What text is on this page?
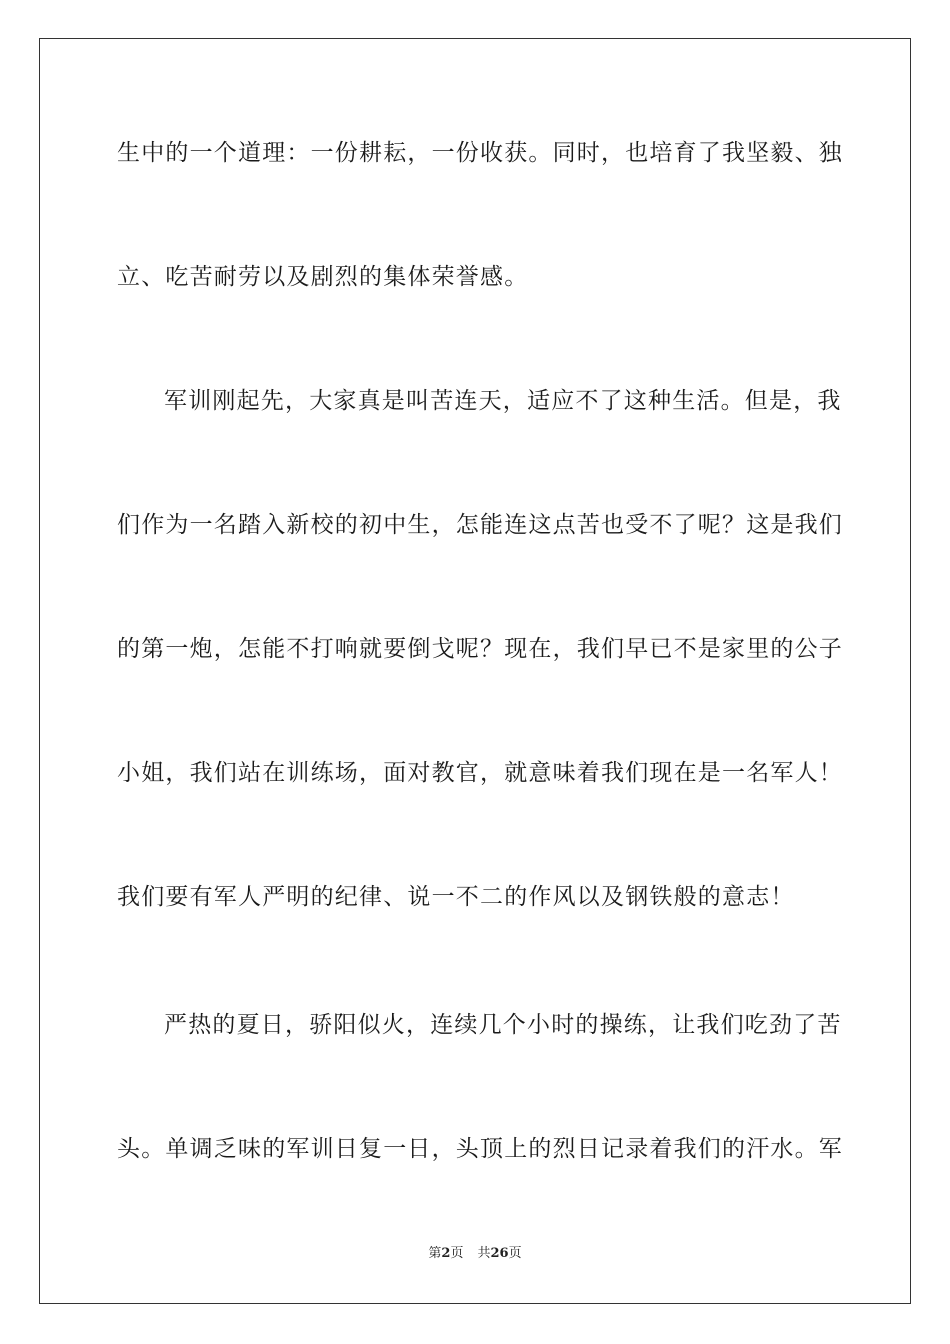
生中的一个道理：一份耕耘，一份收获。同时，也培育了我坚毅、独
立、吃苦耐劳以及剧烈的集体荣誉感。
军训刚起先，大家真是叫苦连天，适应不了这种生活。但是，我
们作为一名踏入新校的初中生，怎能连这点苦也受不了呢？这是我们
的第一炮，怎能不打响就要倒戈呢？现在，我们早已不是家里的公子
小姐，我们站在训练场，面对教官，就意味着我们现在是一名军人！
我们要有军人严明的纪律、说一不二的作风以及钢铁般的意志！
严热的夏日，骄阳似火，连续几个小时的操练，让我们吃劲了苦
头。单调乏味的军训日复一日，头顶上的烈日记录着我们的汗水。军
第2页 共26页
